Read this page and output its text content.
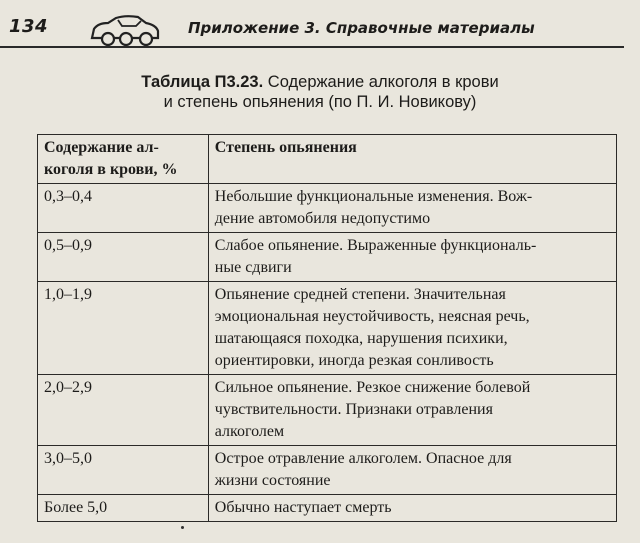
134	Приложение 3. Справочные материалы
Таблица П3.23. Содержание алкоголя в крови
и степень опьянения (по П. И. Новикову)
Содержание ал-
коголя в крови, %	Степень опьянения
0,3–0,4	Небольшие функциональные изменения. Вож-
дение автомобиля недопустимо
0,5–0,9	Слабое опьянение. Выраженные функциональ-
ные сдвиги
1,0–1,9	Опьянение средней степени. Значительная
эмоциональная неустойчивость, неясная речь,
шатающаяся походка, нарушения психики,
ориентировки, иногда резкая сонливость
2,0–2,9	Сильное опьянение. Резкое снижение болевой
чувствительности. Признаки отравления
алкоголем
3,0–5,0	Острое отравление алкоголем. Опасное для
жизни состояние
Более 5,0	Обычно наступает смерть
